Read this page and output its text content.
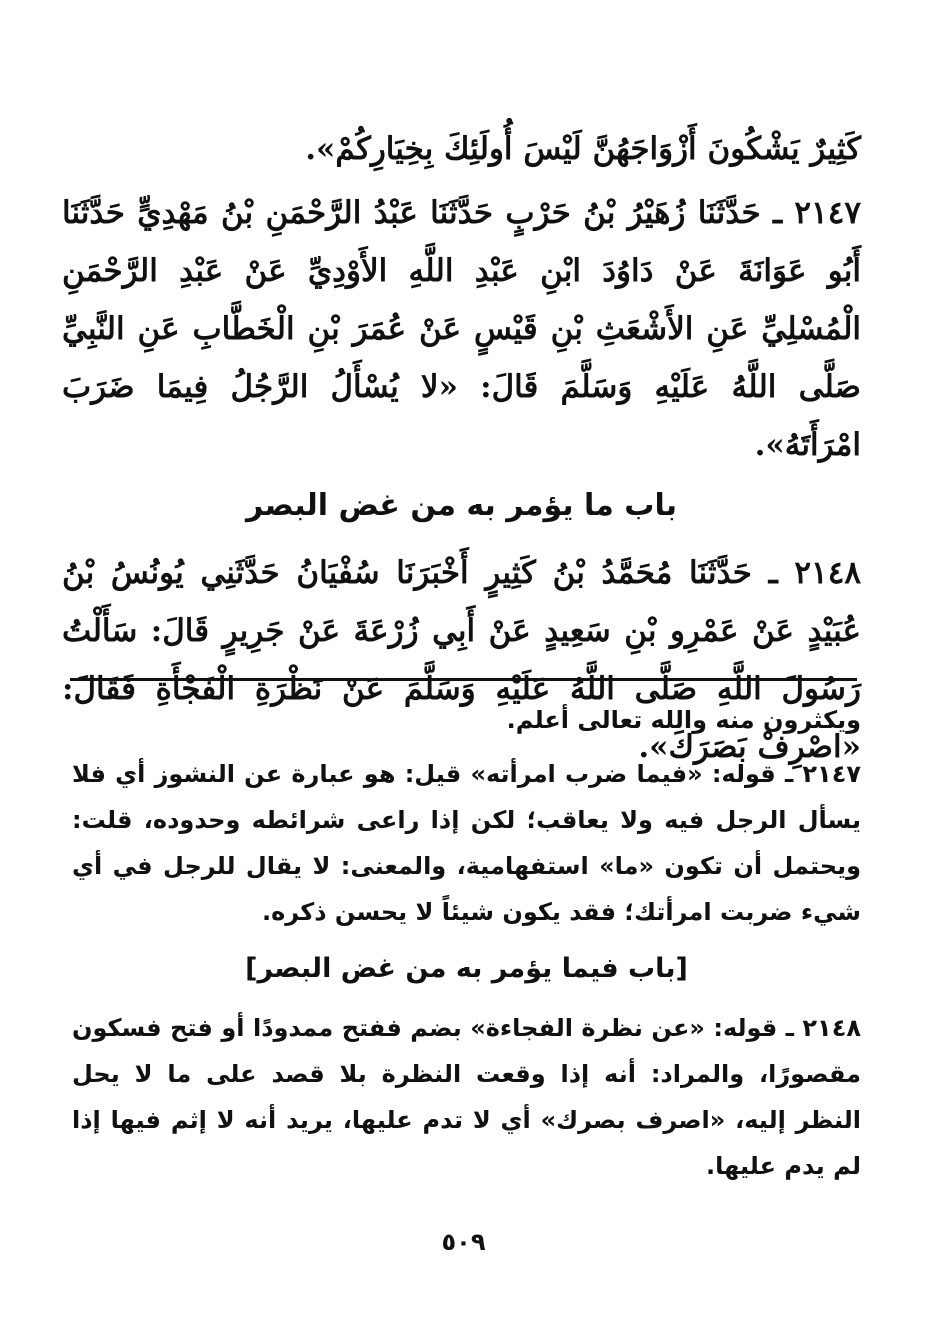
كَثِيرٌ يَشْكُونَ أَزْوَاجَهُنَّ لَيْسَ أُولَئِكَ بِخِيَارِكُمْ».

٢١٤٧ ـ حَدَّثَنَا زُهَيْرُ بْنُ حَرْبٍ حَدَّثَنَا عَبْدُ الرَّحْمَنِ بْنُ مَهْدِيٍّ حَدَّثَنَا أَبُو عَوَانَةَ عَنْ دَاوُدَ ابْنِ عَبْدِ اللَّهِ الأَوْدِيِّ عَنْ عَبْدِ الرَّحْمَنِ الْمُسْلِيِّ عَنِ الأَشْعَثِ بْنِ قَيْسٍ عَنْ عُمَرَ بْنِ الْخَطَّابِ عَنِ النَّبِيِّ صَلَّى اللَّهُ عَلَيْهِ وَسَلَّمَ قَالَ: «لا يُسْأَلُ الرَّجُلُ فِيمَا ضَرَبَ امْرَأَتَهُ».

باب ما يؤمر به من غض البصر

٢١٤٨ ـ حَدَّثَنَا مُحَمَّدُ بْنُ كَثِيرٍ أَخْبَرَنَا سُفْيَانُ حَدَّثَنِي يُونُسُ بْنُ عُبَيْدٍ عَنْ عَمْرِو بْنِ سَعِيدٍ عَنْ أَبِي زُرْعَةَ عَنْ جَرِيرٍ قَالَ: سَأَلْتُ رَسُولَ اللَّهِ صَلَّى اللَّهُ عَلَيْهِ وَسَلَّمَ عَنْ نَظْرَةِ الْفَجْأَةِ فَقَالَ: «اصْرِفْ بَصَرَكَ».

ويكثرون منه والله تعالى أعلم.

٢١٤٧ ـ قوله: «فيما ضرب امرأته» قيل: هو عبارة عن النشوز أي فلا يسأل الرجل فيه ولا يعاقب؛ لكن إذا راعى شرائطه وحدوده، قلت: ويحتمل أن تكون «ما» استفهامية، والمعنى: لا يقال للرجل في أي شيء ضربت امرأتك؛ فقد يكون شيئاً لا يحسن ذكره.

[باب فيما يؤمر به من غض البصر]

٢١٤٨ ـ قوله: «عن نظرة الفجاءة» بضم ففتح ممدودًا أو فتح فسكون مقصورًا، والمراد: أنه إذا وقعت النظرة بلا قصد على ما لا يحل النظر إليه، «اصرف بصرك» أي لا تدم عليها، يريد أنه لا إثم فيها إذا لم يدم عليها.

٥٠٩
